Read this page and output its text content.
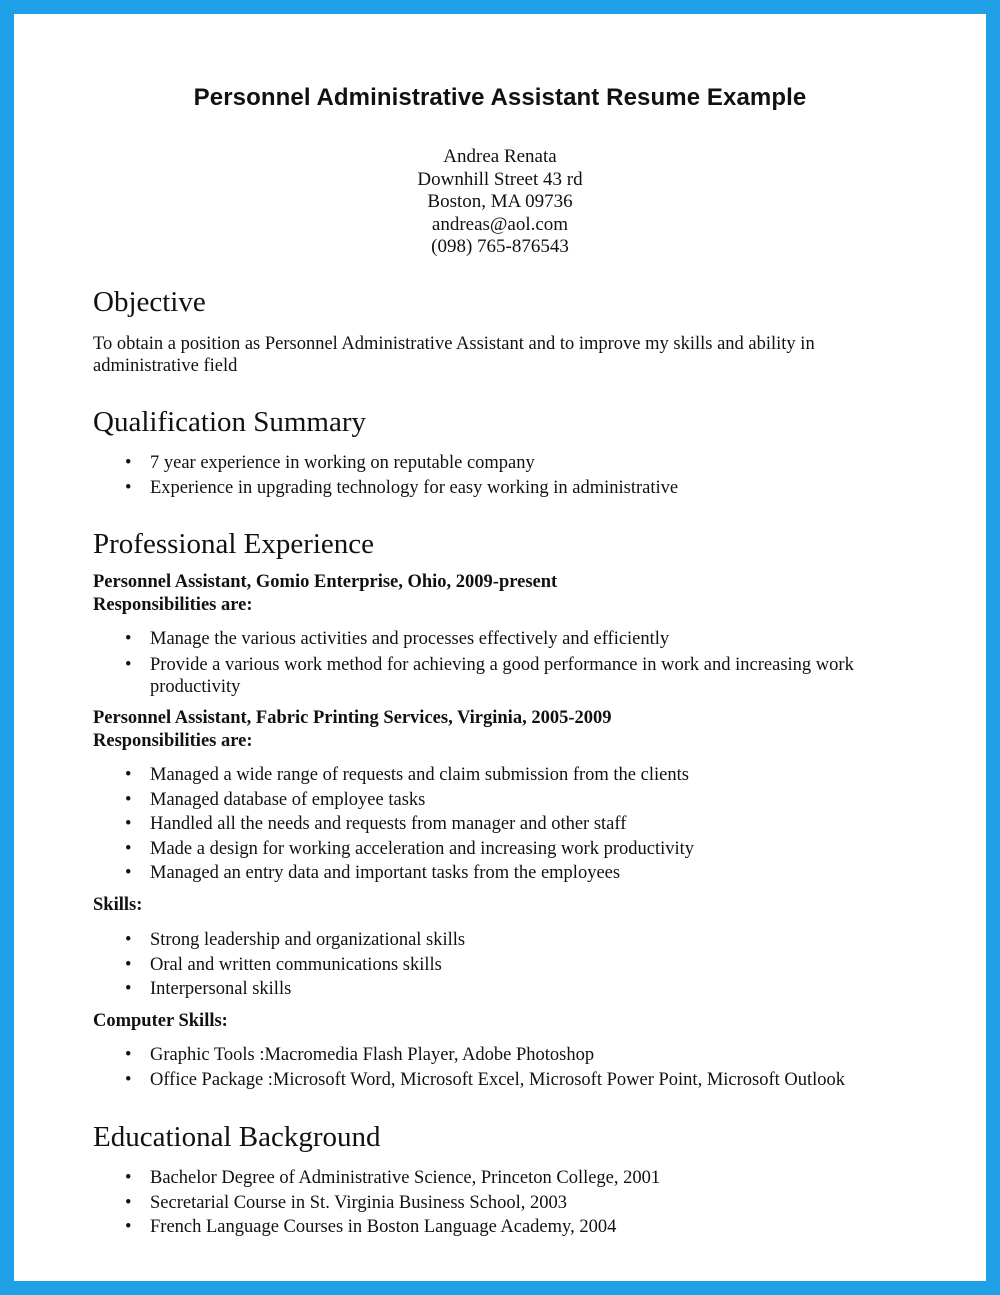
Personnel Administrative Assistant Resume Example
Andrea Renata
Downhill Street 43 rd
Boston, MA 09736
andreas@aol.com
(098) 765-876543
Objective
To obtain a position as Personnel Administrative Assistant and to improve my skills and ability in administrative field
Qualification Summary
• 7 year experience in working on reputable company
• Experience in upgrading technology for easy working in administrative
Professional Experience
Personnel Assistant, Gomio Enterprise, Ohio, 2009-present
Responsibilities are:
• Manage the various activities and processes effectively and efficiently
• Provide a various work method for achieving a good performance in work and increasing work productivity
Personnel Assistant, Fabric Printing Services, Virginia, 2005-2009
Responsibilities are:
• Managed a wide range of requests and claim submission from the clients
• Managed database of employee tasks
• Handled all the needs and requests from manager and other staff
• Made a design for working acceleration and increasing work productivity
• Managed an entry data and important tasks from the employees
Skills:
• Strong leadership and organizational skills
• Oral and written communications skills
• Interpersonal skills
Computer Skills:
• Graphic Tools :Macromedia Flash Player, Adobe Photoshop
• Office Package :Microsoft Word, Microsoft Excel, Microsoft Power Point, Microsoft Outlook
Educational Background
• Bachelor Degree of Administrative Science, Princeton College, 2001
• Secretarial Course in St. Virginia Business School, 2003
• French Language Courses in Boston Language Academy, 2004
